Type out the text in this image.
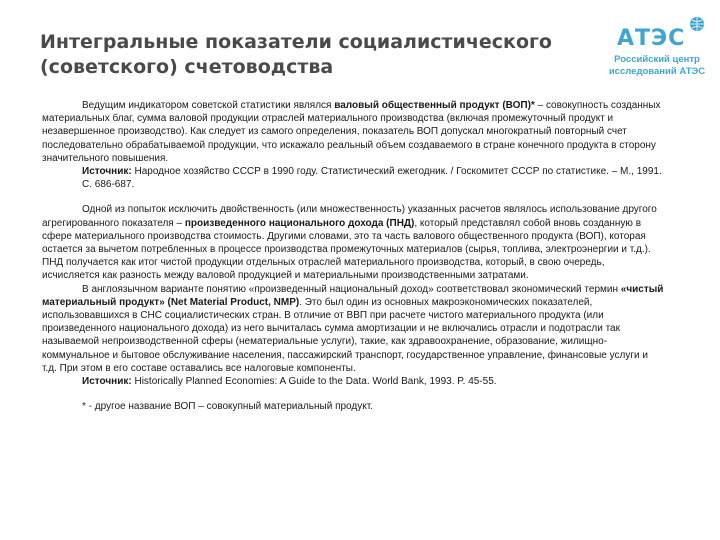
Интегральные показатели социалистического
(советского) счетоводства
АТЭС
Российский центр
исследований АТЭС

Ведущим индикатором советской статистики являлся валовый общественный продукт (ВОП)* – совокупность созданных материальных благ, сумма валовой продукции отраслей материального производства (включая промежуточный продукт и незавершенное производство). Как следует из самого определения, показатель ВОП допускал многократный повторный счет последовательно обрабатываемой продукции, что искажало реальный объем создаваемого в стране конечного продукта в сторону значительного повышения.

Источник: Народное хозяйство СССР в 1990 году. Статистический ежегодник. / Госкомитет СССР по статистике. – М., 1991. С. 686-687.

Одной из попыток исключить двойственность (или множественность) указанных расчетов являлось использование другого агрегированного показателя – произведенного национального дохода (ПНД), который представлял собой вновь созданную в сфере материального производства стоимость. Другими словами, это та часть валового общественного продукта (ВОП), которая остается за вычетом потребленных в процессе производства промежуточных материалов (сырья, топлива, электроэнергии и т.д.). ПНД получается как итог чистой продукции отдельных отраслей материального производства, который, в свою очередь, исчисляется как разность между валовой продукцией и материальными производственными затратами.

В англоязычном варианте понятию «произведенный национальный доход» соответствовал экономический термин «чистый материальный продукт» (Net Material Product, NMP). Это был один из основных макроэкономических показателей, использовавшихся в СНС социалистических стран. В отличие от ВВП при расчете чистого материального продукта (или произведенного национального дохода) из него вычиталась сумма амортизации и не включались отрасли и подотрасли так называемой непроизводственной сферы (нематериальные услуги), такие, как здравоохранение, образование, жилищно-коммунальное и бытовое обслуживание населения, пассажирский транспорт, государственное управление, финансовые услуги и т.д. При этом в его составе оставались все налоговые компоненты.

Источник: Historically Planned Economies: A Guide to the Data. World Bank, 1993. P. 45-55.

* - другое название ВОП – совокупный материальный продукт.
